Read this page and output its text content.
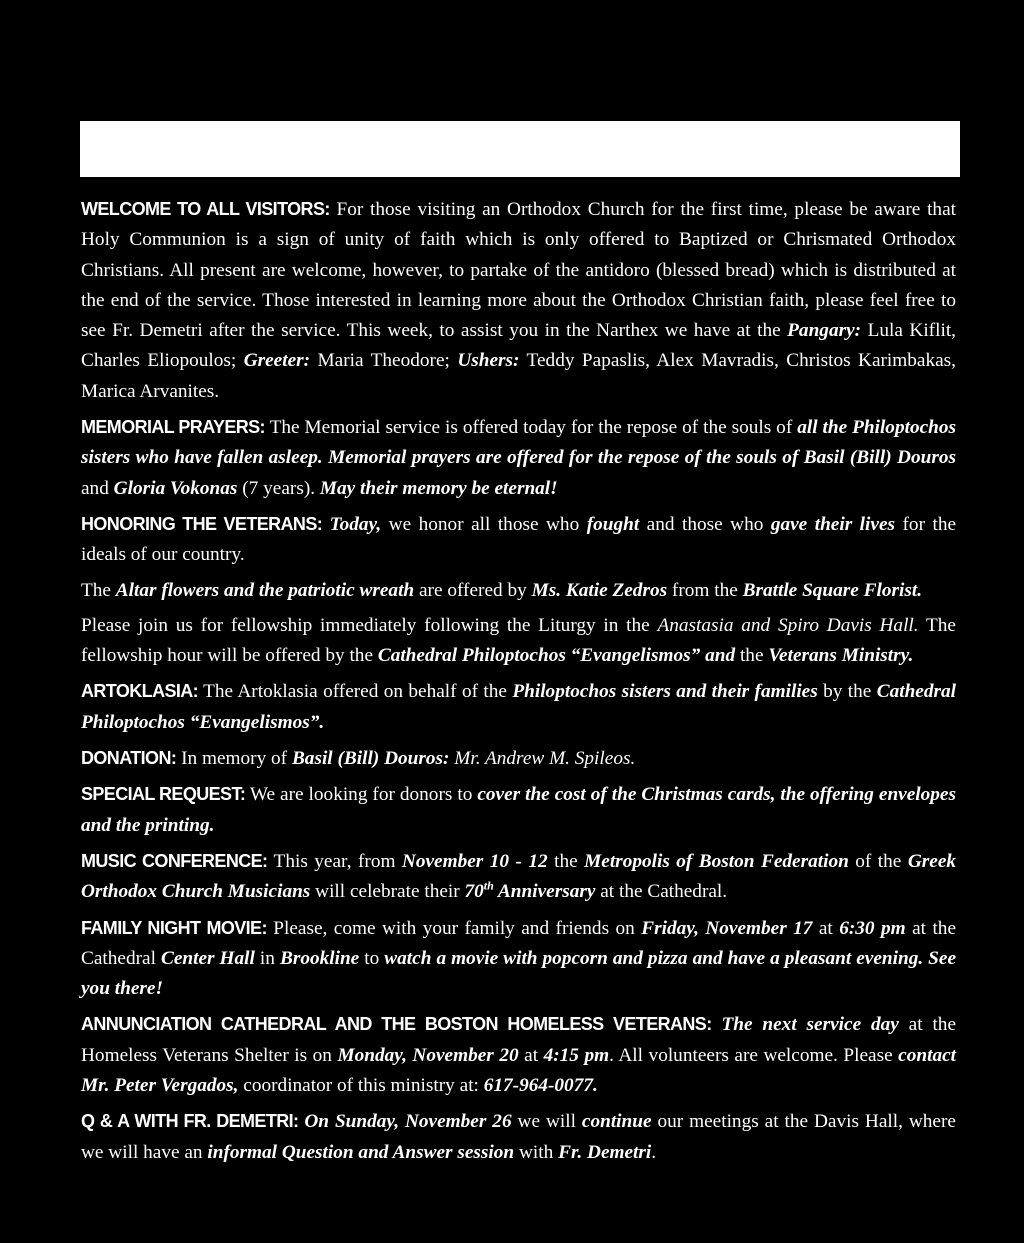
WELCOME TO ALL VISITORS: For those visiting an Orthodox Church for the first time, please be aware that Holy Communion is a sign of unity of faith which is only offered to Baptized or Chrismated Orthodox Christians. All present are welcome, however, to partake of the antidoro (blessed bread) which is distributed at the end of the service. Those interested in learning more about the Orthodox Christian faith, please feel free to see Fr. Demetri after the service. This week, to assist you in the Narthex we have at the Pangary: Lula Kiflit, Charles Eliopoulos; Greeter: Maria Theodore; Ushers: Teddy Papaslis, Alex Mavradis, Christos Karimbakas, Marica Arvanites.

MEMORIAL PRAYERS: The Memorial service is offered today for the repose of the souls of all the Philoptochos sisters who have fallen asleep. Memorial prayers are offered for the repose of the souls of Basil (Bill) Douros and Gloria Vokonas (7 years). May their memory be eternal!

HONORING THE VETERANS: Today, we honor all those who fought and those who gave their lives for the ideals of our country.

The Altar flowers and the patriotic wreath are offered by Ms. Katie Zedros from the Brattle Square Florist.

Please join us for fellowship immediately following the Liturgy in the Anastasia and Spiro Davis Hall. The fellowship hour will be offered by the Cathedral Philoptochos “Evangelismos” and the Veterans Ministry.

ARTOKLASIA: The Artoklasia offered on behalf of the Philoptochos sisters and their families by the Cathedral Philoptochos “Evangelismos”.

DONATION: In memory of Basil (Bill) Douros: Mr. Andrew M. Spileos.

SPECIAL REQUEST: We are looking for donors to cover the cost of the Christmas cards, the offering envelopes and the printing.

MUSIC CONFERENCE: This year, from November 10 - 12 the Metropolis of Boston Federation of the Greek Orthodox Church Musicians will celebrate their 70th Anniversary at the Cathedral.

FAMILY NIGHT MOVIE: Please, come with your family and friends on Friday, November 17 at 6:30 pm at the Cathedral Center Hall in Brookline to watch a movie with popcorn and pizza and have a pleasant evening. See you there!

ANNUNCIATION CATHEDRAL AND THE BOSTON HOMELESS VETERANS: The next service day at the Homeless Veterans Shelter is on Monday, November 20 at 4:15 pm. All volunteers are welcome. Please contact Mr. Peter Vergados, coordinator of this ministry at: 617-964-0077.

Q & A WITH FR. DEMETRI: On Sunday, November 26 we will continue our meetings at the Davis Hall, where we will have an informal Question and Answer session with Fr. Demetri.
